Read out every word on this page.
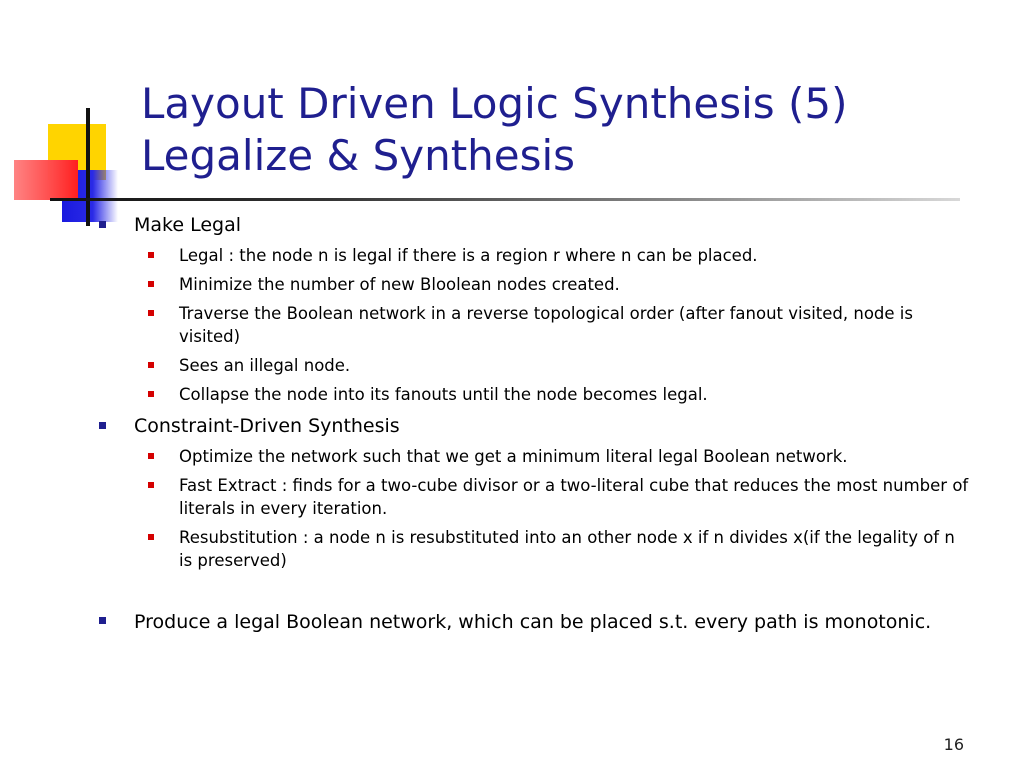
Layout Driven Logic Synthesis (5)
Legalize & Synthesis
Make Legal
Legal : the node n is legal if there is a region r where n can be placed.
Minimize the number of new Bloolean nodes created.
Traverse the Boolean network in a reverse topological order (after fanout visited, node is visited)
Sees an illegal node.
Collapse the node into its fanouts until the node becomes legal.
Constraint-Driven Synthesis
Optimize the network such that we get a minimum literal legal Boolean network.
Fast Extract : finds for a two-cube divisor or a two-literal cube that reduces the most number of literals in every iteration.
Resubstitution : a node n is resubstituted into an other node x if n divides x(if the legality of n is preserved)
Produce a legal Boolean network, which can be placed s.t. every path is monotonic.
16
